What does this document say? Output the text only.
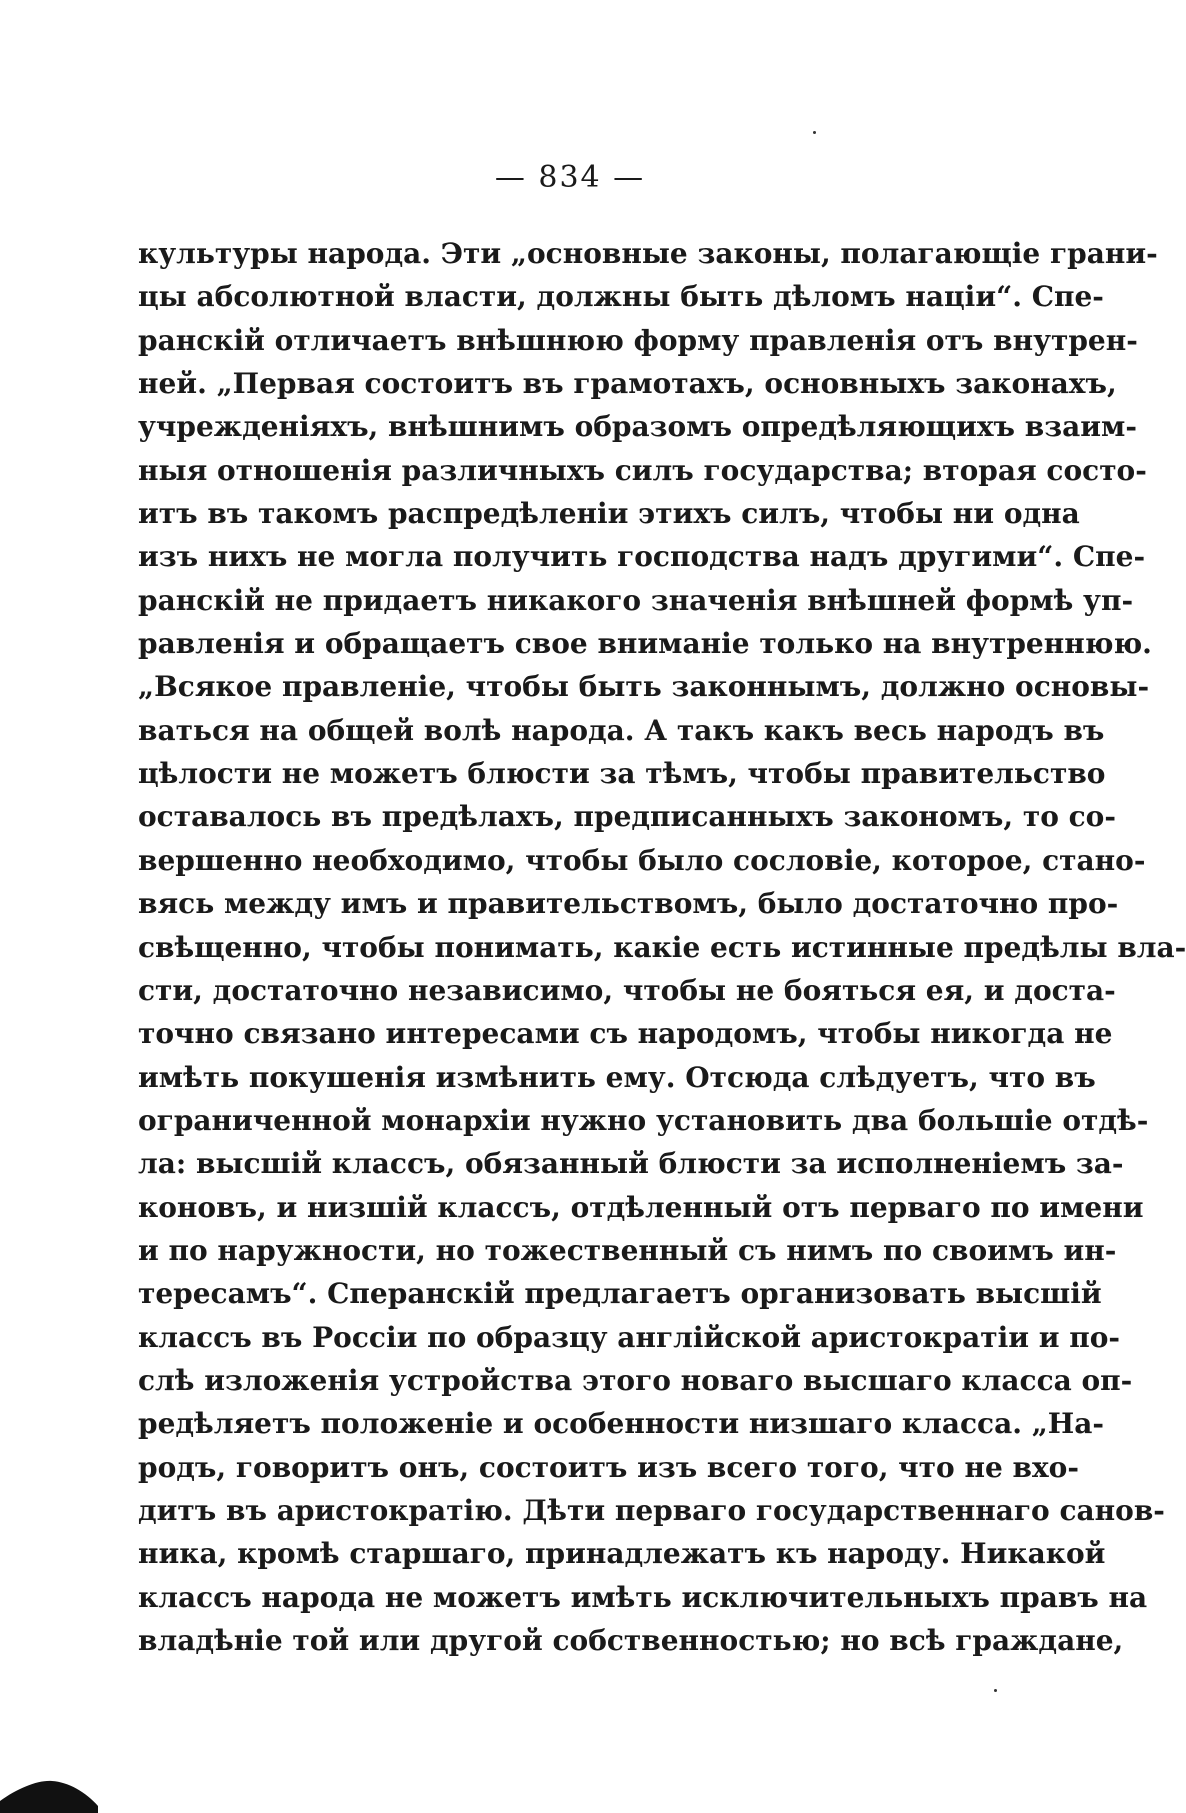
— 834 —
культуры народа. Эти „основные законы, полагающіе грани-
цы абсолютной власти, должны быть дѣломъ націи“. Спе-
ранскій отличаетъ внѣшнюю форму правленія отъ внутрен-
ней. „Первая состоитъ въ грамотахъ, основныхъ законахъ,
учрежденіяхъ, внѣшнимъ образомъ опредѣляющихъ взаим-
ныя отношенія различныхъ силъ государства; вторая состо-
итъ въ такомъ распредѣленіи этихъ силъ, чтобы ни одна
изъ нихъ не могла получить господства надъ другими“. Спе-
ранскій не придаетъ никакого значенія внѣшней формѣ уп-
равленія и обращаетъ свое вниманіе только на внутреннюю.
„Всякое правленіе, чтобы быть законнымъ, должно основы-
ваться на общей волѣ народа. А такъ какъ весь народъ въ
цѣлости не можетъ блюсти за тѣмъ, чтобы правительство
оставалось въ предѣлахъ, предписанныхъ закономъ, то со-
вершенно необходимо, чтобы было сословіе, которое, стано-
вясь между имъ и правительствомъ, было достаточно про-
свѣщенно, чтобы понимать, какіе есть истинные предѣлы вла-
сти, достаточно независимо, чтобы не бояться ея, и доста-
точно связано интересами съ народомъ, чтобы никогда не
имѣть покушенія измѣнить ему. Отсюда слѣдуетъ, что въ
ограниченной монархіи нужно установить два большіе отдѣ-
ла: высшій классъ, обязанный блюсти за исполненіемъ за-
коновъ, и низшій классъ, отдѣленный отъ перваго по имени
и по наружности, но тожественный съ нимъ по своимъ ин-
тересамъ“. Сперанскій предлагаетъ организовать высшій
классъ въ Россіи по образцу англійской аристократіи и по-
слѣ изложенія устройства этого новаго высшаго класса оп-
редѣляетъ положеніе и особенности низшаго класса. „На-
родъ, говоритъ онъ, состоитъ изъ всего того, что не вхо-
дитъ въ аристократію. Дѣти перваго государственнаго санов-
ника, кромѣ старшаго, принадлежатъ къ народу. Никакой
классъ народа не можетъ имѣть исключительныхъ правъ на
владѣніе той или другой собственностью; но всѣ граждане,
